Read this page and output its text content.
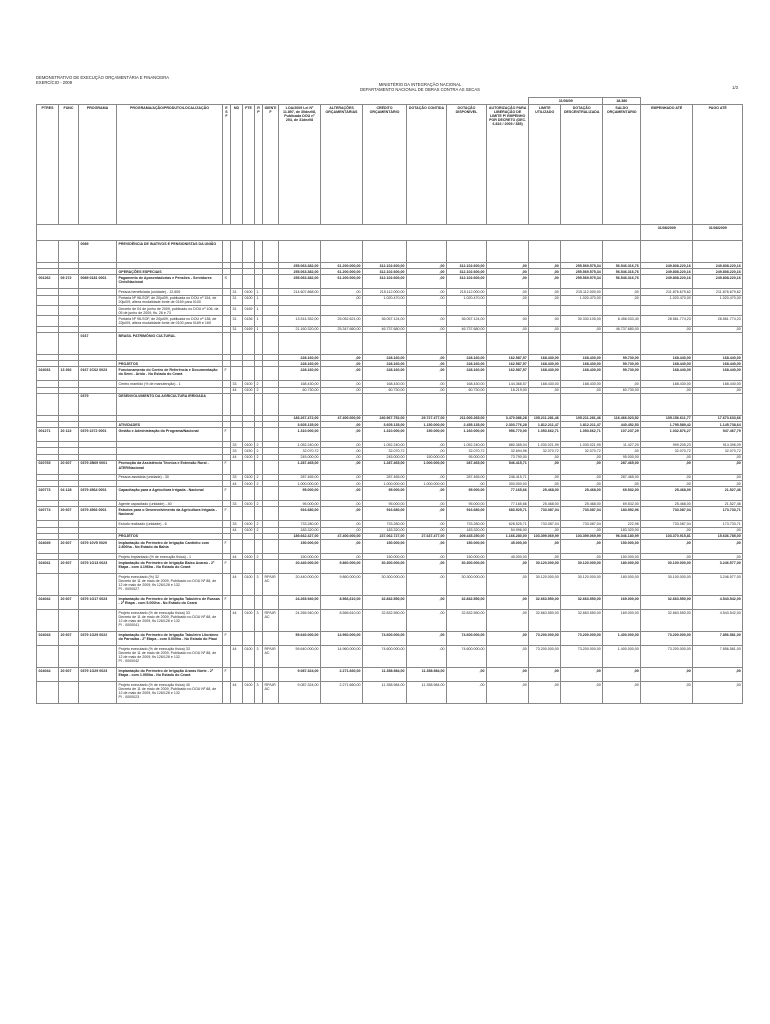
DEMONSTRATIVO DE EXECUÇÃO ORÇAMENTÁRIA E FINANCEIRA
EXERCÍCIO - 2009	MINISTÉRIO DA INTEGRAÇÃO NACIONAL
DEPARTAMENTO NACIONAL DE OBRAS CONTRA AS SECAS	1/3
															31/08/09		18.380		
PTRES	FUNC	PROGRAMA	PROGRAMA/AÇÃO/PRODUTO/LOCALIZAÇÃO	ES F	ND	FTE	RP	IDENTIF	LOA/2009 Lei Nº 11.897, de 30dez08, Publicada DOU nº 254, de 31dez08	ALTERAÇÕES ORÇAMENTÁRIAS	CRÉDITO ORÇAMENTÁRIO	DOTAÇÃO CONTIDA	DOTAÇÃO DISPONÍVEL	AUTORIZAÇÃO PARA LIBERAÇÃO DE LIMITE P/ EMPENHO POR DECRETO (DEC. 6.816 / 2009 / 385)	LIMITE UTILIZADO	DOTAÇÃO DESCENTRALIZADA	SALDO ORÇAMENTÁRIO	EMPENHADO ATÉ	PAGO ATÉ
																		31/08/2009	31/08/2009
		0089	PREVIDÊNCIA DE INATIVOS E PENSIONISTAS DA UNIÃO																
									255.063.382,00	61.200.000,00	312.102.600,00	,00	312.102.600,00	,00	,00	255.569.575,34	56.546.316,76	249.808.220,16	249.808.220,16
			OPERAÇÕES ESPECIAIS						255.063.382,00	61.200.000,00	312.102.600,00	,00	312.102.600,00	,00	,00	255.569.575,34	56.546.316,76	249.808.220,16	249.808.220,16
001262	09 272	0089 0181 0001	Pagamento de Aposentadorias e Pensões - Servidores Civis/Nacional	S					255.063.382,00	61.200.000,00	312.102.600,00	,00	312.102.600,00	,00	,00	255.569.575,34	56.546.316,76	249.808.220,16	249.808.220,16
			Pessoa beneficiada (unidade) - 12.605		31	0100	1		214.607.868,00	,00	215.112.000,00	,00	215.112.000,00	,00	,00	215.112.000,00	,00	211.876.679,62	211.876.679,62
			Portaria Nº 96-SOF, de 20jul09, publicada no DOU nº 154, de 20jul09, altera modalidade fonte de 0169 para 0100		31	0100	1			,00	1.020.470,00	,00	1.020.470,00	,00	,00	1.020.470,00	,00	1.020.470,00	1.020.470,00
			Decreto de 04 de junho de 2009, publicado no DOU nº 106, de 05 de junho de 2009, fls. 26 e 73		31	0169	1												
			Portaria Nº 96-SOF, de 20jul09, publicada no DOU nº 138, de 22jul09, altera modalidade fonte de 0100 para 0169 e 169		31	0156	1		13.514.352,00	25.052.621,00	36.057.124,00	,00	36.057.124,00	,00	,00	30.330.105,00	6.456.033,40	28.561.774,23	28.561.774,23
					31	0169	1		21.160.320,00	25.347.660,00	46.737.680,00	,00	46.737.680,00	,00	,00	,00	46.737.680,00	,00	,00
		0167	BRASIL PATRIMÔNIO CULTURAL																
									228.160,00	,00	228.160,00	,00	228.160,00	162.587,57	168.430,00	168.430,00	59.730,00	168.440,00	168.440,00
			PROJETOS						228.160,00	,00	228.160,00	,00	228.160,00	162.587,57	168.430,00	168.430,00	59.730,00	168.440,00	168.440,00
024031	13 392	0167 2C62 0023	Funcionamento do Centro de Referência e Documentação do Semi - Árido - No Estado do Ceará	F					228.160,00	,00	228.160,00	,00	228.160,00	162.587,57	168.430,00	168.430,00	59.730,00	168.440,00	168.440,00
			Centro mantido (% de manutenção) - 1		33	0100	2		168.430,00	,00	168.430,00	,00	168.430,00	144.368,57	168.430,00	168.430,00	,00	168.430,00	168.440,00
					44	0100	2		60.730,00	,00	60.730,00	,00	60.730,00	18.219,00	,00	,00	60.730,00	,00	,00
		0379	DESENVOLVIMENTO DA AGRICULTURA IRRIGADA																
									183.267.472,00	47.400.000,00	240.967.752,00	29.727.477,00	211.000.265,00	3.470.086,28	105.211.281,46	105.211.281,46	116.466.023,52	105.156.611,77	17.673.633,66
			ATIVIDADES						3.605.135,00	,00	3.605.135,00	1.150.000,00	2.455.135,00	2.303.776,28	1.812.211,47	1.812.211,47	440.452,53	1.795.589,42	1.145.738,64
001271	20 122	0379 2272 0001	Gestão e Administração do Programa/Nacional	F					1.310.000,00	,00	1.310.000,00	150.000,00	1.160.000,00	956.770,00	1.053.662,71	1.053.662,71	107.237,29	1.032.876,27	947.467,79
					33	0100	2		1.052.240,00	,00	1.052.240,00	,00	1.052.240,00	880.365,04	1.030.021,99	1.030.021,99	11.427,20	999.205,23	914.396,09
					33	0150	2		32.070,72	,00	32.070,72	,00	32.070,72	32.694,96	32.070,72	32.070,72	,00	32.070,72	32.070,72
					44	0100	2		245.000,00	,00	245.000,00	150.000,00	95.000,00	73.790,00	,00	,00	95.000,00	,00	,00
020765	20 607	0379 2B69 0001	Promoção da Assistência Técnica e Extensão Rural - ATER/Nacional	F					1.287.465,00	,00	1.287.465,00	1.000.000,00	287.465,00	546.415,71	,00	,00	287.465,00	,00	,00
			Pessoa assistida (unidade) - 30		33	0100	2		287.465,00	,00	287.465,00	,00	287.465,00	246.415,71	,00	,00	287.465,00	,00	,00
					44	0100	2		1.000.000,00	,00	1.000.000,00	1.000.000,00	,00	300.000,00	,00	,00	,00	,00	,00
020773	04 128	0379 4564 0001	Capacitação para a Agricultura Irrigada - Nacional	F					95.000,00	,00	95.000,00	,00	95.000,00	77.165,66	25.468,00	25.468,00	69.532,00	25.468,00	21.527,46
			Agente capacitado (unidade) - 40		33	0100	2		95.000,00	,00	95.000,00	,00	95.000,00	77.165,66	25.468,00	25.468,00	69.532,00	25.468,00	21.527,46
020774	20 607	0379 4566 0001	Estudos para o Desenvolvimento da Agricultura Irrigada - Nacional	F					916.680,00	,00	916.680,00	,00	916.680,00	683.525,71	733.087,04	733.087,04	183.592,96	733.087,04	173.733,71
			Estudo realizado (unidade) - 6		33	0100	2		733.280,00	,00	733.280,00	,00	733.280,00	628.525,71	733.087,04	733.087,04	222,96	733.087,04	173.733,71
					44	0100	2		183.320,00	,00	183.320,00	,00	183.320,00	54.996,00	,00	,00	183.320,00	,00	,00
			PROJETOS						189.662.427,00	47.400.000,00	237.062.727,00	27.637.477,00	209.445.250,00	1.166.280,00	103.399.069,99	103.399.069,99	96.046.180,99	103.370.915,81	15.636.785,00
024049	20 607	0379 10V5 0029	Implantação do Perímetro de Irrigação Cantinho com 2.800ha - No Estado da Bahia	F					150.000,00	,00	150.000,00	,00	150.000,00	45.000,00	,00	,00	150.000,00	,00	,00
			Projeto implantado (% de execução física) - 1		44	0100	2		150.000,00	,00	150.000,00	,00	150.000,00	45.000,00	,00	,00	150.000,00	,00	,00
024041	20 607	0379 1O13 0023	Implantação do Perímetro de Irrigação Baixo Acaraú - 2ª Etapa - com 4.196ha - No Estado do Ceará	F					20.440.000,00	9.860.000,00	30.300.000,00	,00	30.300.000,00	,00	30.120.000,00	30.120.000,00	180.000,00	30.100.000,00	3.246.577,00
			Projeto executado (%) 32
Decreto de 11 de maio de 2009, Publicado no DOU Nº 88, de 12 de maio de 2009, fls 126/126 e 132
PI - 0000027		44	0100	3	RP/URAC	20.440.000,00	9.860.000,00	30.300.000,00	,00	30.300.000,00	,00	30.120.000,00	30.120.000,00	180.000,00	30.100.000,00	3.246.577,00
024042	20 607	0379 1O17 0023	Implantação do Perímetro de Irrigação Tabuleiro de Russas - 2ª Etapa - com 5.000ha - No Estado do Ceará	F					24.265.940,00	8.566,610,00	32.832.550,00	,00	32.832.550,00	,00	32.663.550,00	32.663.550,00	169.000,00	32.663.550,00	4.543.542,00
			Projeto executado (% de execução física) 33
Decreto de 11 de maio de 2009, Publicado no DOU Nº 88, de 12 de maio de 2009, fls 126/126 e 132
PI - 0000041		44	0100	3	RP/URAC	24.265.940,00	8.566.610,00	32.832.550,00	,00	32.832.550,00	,00	32.663.550,00	32.663.550,00	169.000,00	32.663.550,00	4.543.542,00
024043	20 607	0379 1O29 0022	Implantação do Perímetro de Irrigação Tabuleiro Litorâneo do Parnaíba - 2ª Etapa - com 5.000ha - No Estado do Piauí	F					59.640.000,00	14.960.000,00	74.600.000,00	,00	74.600.000,00	,00	73.200.000,00	73.200.000,00	1.400.000,00	73.200.000,00	7.856.581,00
			Projeto executado (% de execução física) 33
Decreto de 11 de maio de 2009, Publicado no DOU Nº 88, de 12 de maio de 2009, fls 126/126 e 132
PI - 0000042		44	0100	3	RP/URAC	59.640.000,00	14.960.000,00	74.600.000,00	,00	74.600.000,00	,00	73.200.000,00	73.200.000,00	1.400.000,00	73.200.000,00	7.856.581,00
024044	20 607	0379 1O29 0023	Implantação do Perímetro de Irrigação Araras Norte - 2ª Etapa - com 1.950ha - No Estado do Ceará	F					9.087.324,00	2.271.660,00	11.358.984,00	11.358.984,00	,00	,00	,00	,00	,00	,00	,00
			Projeto executado (% de execução física) 40
Decreto de 11 de maio de 2009, Publicado no DOU Nº 88, de 12 de maio de 2009, fls 126/126 e 132
PI - 0000023		44	0100	3	RP/URAC	9.087.324,00	2.271.660,00	11.358.984,00	11.358.984,00	,00	,00	,00	,00	,00	,00	,00
